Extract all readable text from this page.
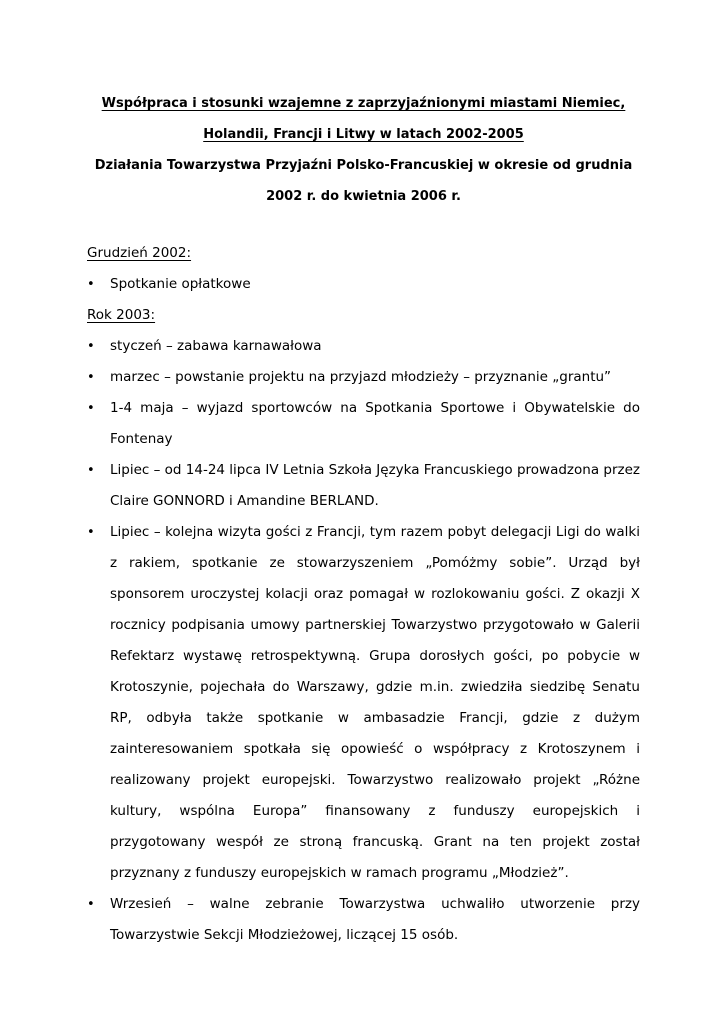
Współpraca i stosunki wzajemne z zaprzyjaźnionymi miastami Niemiec,

Holandii, Francji i Litwy w latach 2002-2005

Działania Towarzystwa Przyjaźni Polsko-Francuskiej w okresie od grudnia

2002 r. do kwietnia 2006 r.

Grudzień 2002:

• Spotkanie opłatkowe

Rok 2003:

• styczeń – zabawa karnawałowa
• marzec – powstanie projektu na przyjazd młodzieży – przyznanie „grantu”
• 1-4 maja – wyjazd sportowców na Spotkania Sportowe i Obywatelskie do Fontenay
• Lipiec – od 14-24 lipca IV Letnia Szkoła Języka Francuskiego prowadzona przez Claire GONNORD i Amandine BERLAND.
• Lipiec – kolejna wizyta gości z Francji, tym razem pobyt delegacji Ligi do walki z rakiem, spotkanie ze stowarzyszeniem „Pomóżmy sobie”. Urząd był sponsorem uroczystej kolacji oraz pomagał w rozlokowaniu gości. Z okazji X rocznicy podpisania umowy partnerskiej Towarzystwo przygotowało w Galerii Refektarz wystawę retrospektywną. Grupa dorosłych gości, po pobycie w Krotoszynie, pojechała do Warszawy, gdzie m.in. zwiedziła siedzibę Senatu RP, odbyła także spotkanie w ambasadzie Francji, gdzie z dużym zainteresowaniem spotkała się opowieść o współpracy z Krotoszynem i realizowany projekt europejski. Towarzystwo realizowało projekt „Różne kultury, wspólna Europa” finansowany z funduszy europejskich i przygotowany wespół ze stroną francuską. Grant na ten projekt został przyznany z funduszy europejskich w ramach programu „Młodzież”.
• Wrzesień – walne zebranie Towarzystwa uchwaliło utworzenie przy Towarzystwie Sekcji Młodzieżowej, liczącej 15 osób.
